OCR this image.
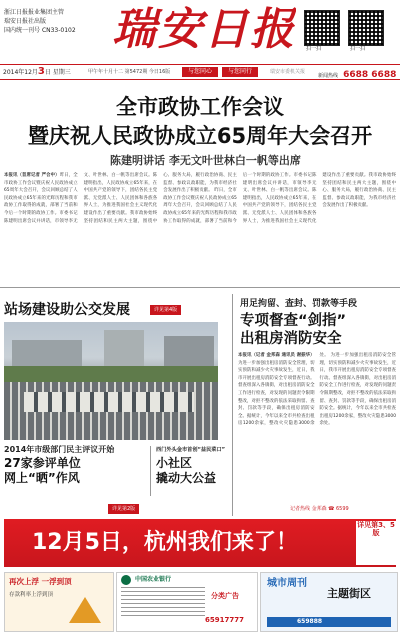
浙江日报报业集团主管
瑞安日报社出版
国内统一刊号 CN33-0102 瑞安日报 扫一扫	扫一扫
2014年12月3日 星期三	甲午年十月十二 第5472期 今日16版	与您同心	与您同行	瑞安市委机关报
新闻热线 6688 6688
全市政协工作会议
暨庆祝人民政协成立65周年大会召开
陈建明讲话 李无文叶世林白一帆等出席
本报讯（首席记者 严合中）昨日，全市政协工作会议暨庆祝人民政协成立65周年大会召开，会议回顾总结了人民政协成立65年来的光辉历程和我市政协工作取得的成就，部署了当前和今后一个时期的政协工作。市委书记陈建明出席会议并讲话，市领导李无文、叶世林、白一帆等出席会议。陈建明指出，人民政协成立65年来，在中国共产党的领导下，团结各民主党派、无党派人士、人民团体和各族各界人士，为推进我国社会主义现代化建设作出了重要贡献。我市政协始终坚持团结和民主两大主题，围绕中心、服务大局，履行政治协商、民主监督、参政议政职能，为我市经济社会发展作出了积极贡献。 昨日，全市政协工作会议暨庆祝人民政协成立65周年大会召开，会议回顾总结了人民政协成立65年来的光辉历程和我市政协工作取得的成就，部署了当前和今后一个时期的政协工作。市委书记陈建明出席会议并讲话，市领导李无文、叶世林、白一帆等出席会议。陈建明指出，人民政协成立65年来，在中国共产党的领导下，团结各民主党派、无党派人士、人民团体和各族各界人士，为推进我国社会主义现代化建设作出了重要贡献。我市政协始终坚持团结和民主两大主题，围绕中心、服务大局，履行政治协商、民主监督、参政议政职能，为我市经济社会发展作出了积极贡献。
站场建设助公交发展	详见第4版
2014年市级部门民主评议开始
27家参评单位
网上“晒”作风
西门外头金市首创“益民菜口”
小社区
撬动大公益
详见第2版
用足拘留、查封、罚款等手段
专项督查“剑指”
出租房消防安全
本报讯（记者 金邦森 通讯员 谢振华）为进一步加强出租房消防安全管理，切实预防和减少火灾事故发生，近日，我市开展出租房消防安全专项督查行动。督查组深入各镇街，对出租房消防安全工作进行检查，对发现的问题责令限期整改，对拒不整改的依法采取拘留、查封、罚款等手段，确保出租房消防安全。据统计，今年以来全市共检查出租房1200余家，整改火灾隐患3000余处。 为进一步加强出租房消防安全管理，切实预防和减少火灾事故发生，近日，我市开展出租房消防安全专项督查行动。督查组深入各镇街，对出租房消防安全工作进行检查，对发现的问题责令限期整改，对拒不整改的依法采取拘留、查封、罚款等手段，确保出租房消防安全。据统计，今年以来全市共检查出租房1200余家，整改火灾隐患3000余处。
记者热线 金邦森 ☎ 6599
12月5日，杭州我们来了！
详见第3、5版
再次上浮 一浮到顶
存款利率上浮到顶
中国农业银行
分类广告
65917777
城市周刊
主题街区
659888
